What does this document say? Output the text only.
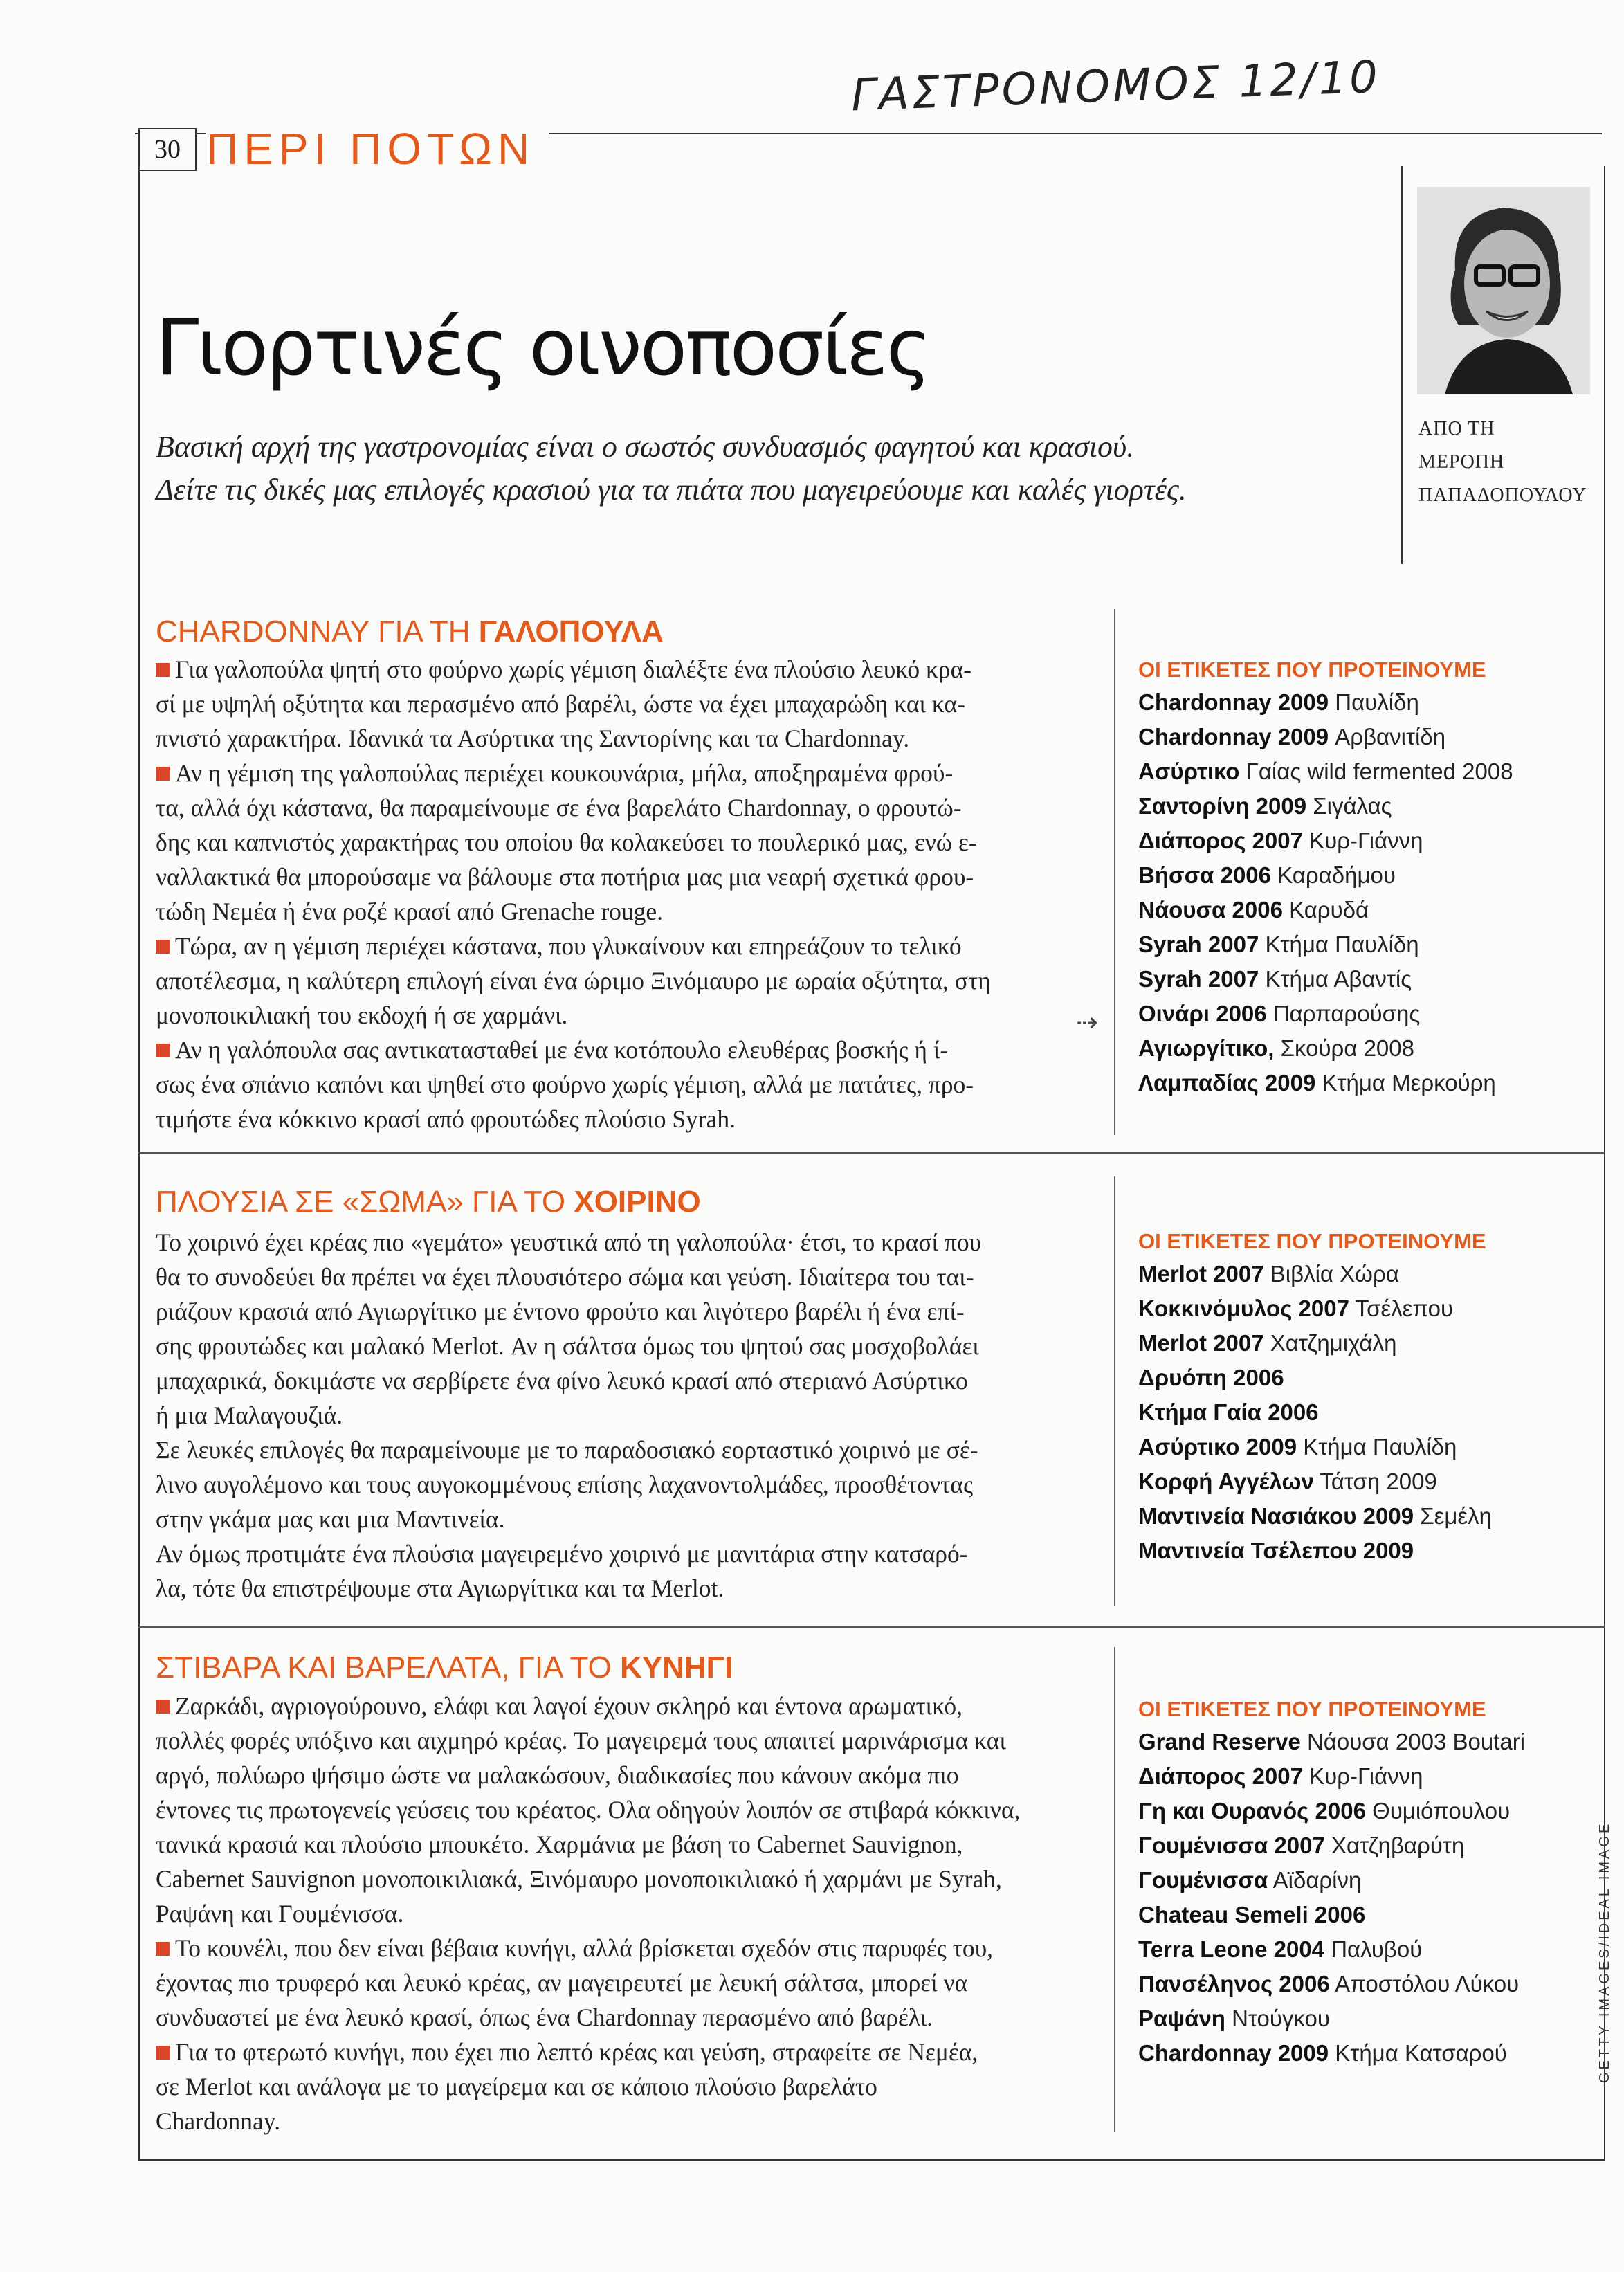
ΓΑΣΤΡΟΝΟΜΟΣ 12/10
30 ΠΕΡΙ ΠΟΤΩΝ
Γιορτινές οινοποσίες
Βασική αρχή της γαστρονομίας είναι ο σωστός συνδυασμός φαγητού και κρασιού.
Δείτε τις δικές μας επιλογές κρασιού για τα πιάτα που μαγειρεύουμε και καλές γιορτές.
ΑΠΟ ΤΗ
ΜΕΡΟΠΗ
ΠΑΠΑΔΟΠΟΥΛΟΥ
CHARDONNAY ΓΙΑ ΤΗ ΓΑΛΟΠΟΥΛΑ
Για γαλοπούλα ψητή στο φούρνο χωρίς γέμιση διαλέξτε ένα πλούσιο λευκό κρα-
σί με υψηλή οξύτητα και περασμένο από βαρέλι, ώστε να έχει μπαχαρώδη και κα-
πνιστό χαρακτήρα. Ιδανικά τα Ασύρτικα της Σαντορίνης και τα Chardonnay.
Αν η γέμιση της γαλοπούλας περιέχει κουκουνάρια, μήλα, αποξηραμένα φρού-
τα, αλλά όχι κάστανα, θα παραμείνουμε σε ένα βαρελάτο Chardonnay, ο φρουτώ-
δης και καπνιστός χαρακτήρας του οποίου θα κολακεύσει το πουλερικό μας, ενώ ε-
ναλλακτικά θα μπορούσαμε να βάλουμε στα ποτήρια μας μια νεαρή σχετικά φρου-
τώδη Νεμέα ή ένα ροζέ κρασί από Grenache rouge.
Τώρα, αν η γέμιση περιέχει κάστανα, που γλυκαίνουν και επηρεάζουν το τελικό
αποτέλεσμα, η καλύτερη επιλογή είναι ένα ώριμο Ξινόμαυρο με ωραία οξύτητα, στη
μονοποικιλιακή του εκδοχή ή σε χαρμάνι.
Αν η γαλόπουλα σας αντικατασταθεί με ένα κοτόπουλο ελευθέρας βοσκής ή ί-
σως ένα σπάνιο καπόνι και ψηθεί στο φούρνο χωρίς γέμιση, αλλά με πατάτες, προ-
τιμήστε ένα κόκκινο κρασί από φρουτώδες πλούσιο Syrah.
⇢
ΟΙ ΕΤΙΚΕΤΕΣ ΠΟΥ ΠΡΟΤΕΙΝΟΥΜΕ
Chardonnay 2009 Παυλίδη
Chardonnay 2009 Αρβανιτίδη
Ασύρτικο Γαίας wild fermented 2008
Σαντορίνη 2009 Σιγάλας
Διάπορος 2007 Κυρ-Γιάννη
Βήσσα 2006 Καραδήμου
Νάουσα 2006 Καρυδά
Syrah 2007 Κτήμα Παυλίδη
Syrah 2007 Κτήμα Αβαντίς
Οινάρι 2006 Παρπαρούσης
Αγιωργίτικο, Σκούρα 2008
Λαμπαδίας 2009 Κτήμα Μερκούρη
ΠΛΟΥΣΙΑ ΣΕ «ΣΩΜΑ» ΓΙΑ ΤΟ ΧΟΙΡΙΝΟ
Το χοιρινό έχει κρέας πιο «γεμάτο» γευστικά από τη γαλοπούλα· έτσι, το κρασί που
θα το συνοδεύει θα πρέπει να έχει πλουσιότερο σώμα και γεύση. Ιδιαίτερα του ται-
ριάζουν κρασιά από Αγιωργίτικο με έντονο φρούτο και λιγότερο βαρέλι ή ένα επί-
σης φρουτώδες και μαλακό Merlot. Αν η σάλτσα όμως του ψητού σας μοσχοβολάει
μπαχαρικά, δοκιμάστε να σερβίρετε ένα φίνο λευκό κρασί από στεριανό Ασύρτικο
ή μια Μαλαγουζιά.
Σε λευκές επιλογές θα παραμείνουμε με το παραδοσιακό εορταστικό χοιρινό με σέ-
λινο αυγολέμονο και τους αυγοκομμένους επίσης λαχανοντολμάδες, προσθέτοντας
στην γκάμα μας και μια Μαντινεία.
Αν όμως προτιμάτε ένα πλούσια μαγειρεμένο χοιρινό με μανιτάρια στην κατσαρό-
λα, τότε θα επιστρέψουμε στα Αγιωργίτικα και τα Merlot.
ΟΙ ΕΤΙΚΕΤΕΣ ΠΟΥ ΠΡΟΤΕΙΝΟΥΜΕ
Merlot 2007 Βιβλία Χώρα
Κοκκινόμυλος 2007 Τσέλεπου
Merlot 2007 Χατζημιχάλη
Δρυόπη 2006
Κτήμα Γαία 2006
Ασύρτικο 2009 Κτήμα Παυλίδη
Κορφή Αγγέλων Τάτση 2009
Μαντινεία Νασιάκου 2009 Σεμέλη
Μαντινεία Τσέλεπου 2009
ΣΤΙΒΑΡΑ ΚΑΙ ΒΑΡΕΛΑΤΑ, ΓΙΑ ΤΟ ΚΥΝΗΓΙ
Ζαρκάδι, αγριογούρουνο, ελάφι και λαγοί έχουν σκληρό και έντονα αρωματικό,
πολλές φορές υπόξινο και αιχμηρό κρέας. Το μαγειρεμά τους απαιτεί μαρινάρισμα και
αργό, πολύωρο ψήσιμο ώστε να μαλακώσουν, διαδικασίες που κάνουν ακόμα πιο
έντονες τις πρωτογενείς γεύσεις του κρέατος. Ολα οδηγούν λοιπόν σε στιβαρά κόκκινα,
τανικά κρασιά και πλούσιο μπουκέτο. Χαρμάνια με βάση το Cabernet Sauvignon,
Cabernet Sauvignon μονοποικιλιακά, Ξινόμαυρο μονοποικιλιακό ή χαρμάνι με Syrah,
Ραψάνη και Γουμένισσα.
Το κουνέλι, που δεν είναι βέβαια κυνήγι, αλλά βρίσκεται σχεδόν στις παρυφές του,
έχοντας πιο τρυφερό και λευκό κρέας, αν μαγειρευτεί με λευκή σάλτσα, μπορεί να
συνδυαστεί με ένα λευκό κρασί, όπως ένα Chardonnay περασμένο από βαρέλι.
Για το φτερωτό κυνήγι, που έχει πιο λεπτό κρέας και γεύση, στραφείτε σε Νεμέα,
σε Merlot και ανάλογα με το μαγείρεμα και σε κάποιο πλούσιο βαρελάτο
Chardonnay.
ΟΙ ΕΤΙΚΕΤΕΣ ΠΟΥ ΠΡΟΤΕΙΝΟΥΜΕ
Grand Reserve Νάουσα 2003 Boutari
Διάπορος 2007 Κυρ-Γιάννη
Γη και Ουρανός 2006 Θυμιόπουλου
Γουμένισσα 2007 Χατζηβαρύτη
Γουμένισσα Αϊδαρίνη
Chateau Semeli 2006
Terra Leone 2004 Παλυβού
Πανσέληνος 2006 Αποστόλου Λύκου
Ραψάνη Ντούγκου
Chardonnay 2009 Κτήμα Κατσαρού	GETTY IMAGES/IDEAL IMAGE
